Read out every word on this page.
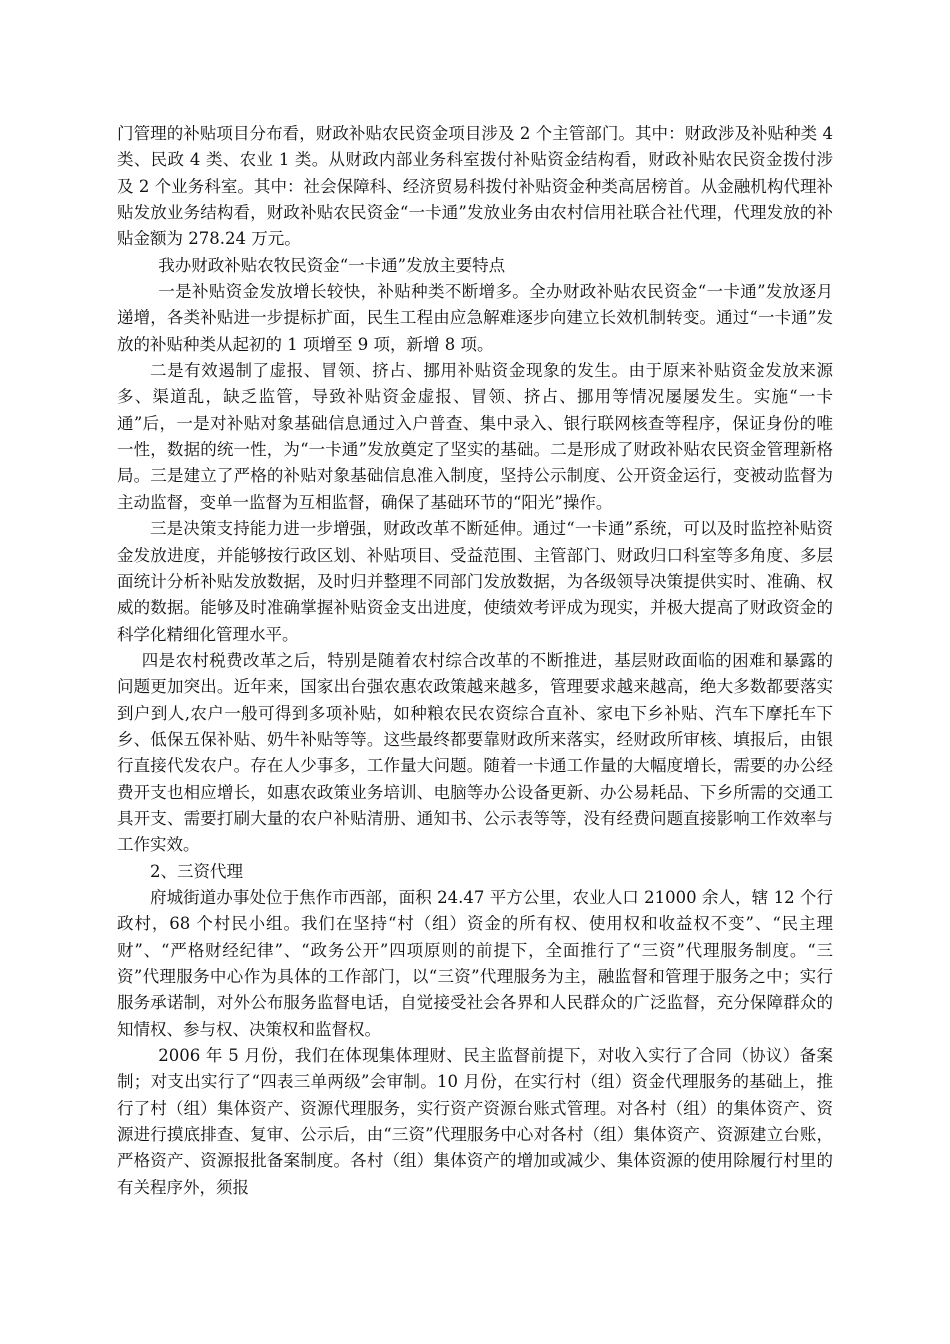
门管理的补贴项目分布看，财政补贴农民资金项目涉及 2 个主管部门。其中：财政涉及补贴种类 4 类、民政 4 类、农业 1 类。从财政内部业务科室拨付补贴资金结构看，财政补贴农民资金拨付涉及 2 个业务科室。其中：社会保障科、经济贸易科拨付补贴资金种类高居榜首。从金融机构代理补贴发放业务结构看，财政补贴农民资金“一卡通”发放业务由农村信用社联合社代理，代理发放的补贴金额为 278.24 万元。

我办财政补贴农牧民资金“一卡通”发放主要特点

一是补贴资金发放增长较快，补贴种类不断增多。全办财政补贴农民资金“一卡通”发放逐月递增，各类补贴进一步提标扩面，民生工程由应急解难逐步向建立长效机制转变。通过“一卡通”发放的补贴种类从起初的 1 项增至 9 项，新增 8 项。

二是有效遏制了虚报、冒领、挤占、挪用补贴资金现象的发生。由于原来补贴资金发放来源多、渠道乱，缺乏监管，导致补贴资金虚报、冒领、挤占、挪用等情况屡屡发生。实施“一卡通”后，一是对补贴对象基础信息通过入户普查、集中录入、银行联网核查等程序，保证身份的唯一性，数据的统一性，为“一卡通”发放奠定了坚实的基础。二是形成了财政补贴农民资金管理新格局。三是建立了严格的补贴对象基础信息准入制度，坚持公示制度、公开资金运行，变被动监督为主动监督，变单一监督为互相监督，确保了基础环节的“阳光”操作。

三是决策支持能力进一步增强，财政改革不断延伸。通过“一卡通”系统，可以及时监控补贴资金发放进度，并能够按行政区划、补贴项目、受益范围、主管部门、财政归口科室等多角度、多层面统计分析补贴发放数据，及时归并整理不同部门发放数据，为各级领导决策提供实时、准确、权威的数据。能够及时准确掌握补贴资金支出进度，使绩效考评成为现实，并极大提高了财政资金的科学化精细化管理水平。

四是农村税费改革之后，特别是随着农村综合改革的不断推进，基层财政面临的困难和暴露的问题更加突出。近年来，国家出台强农惠农政策越来越多，管理要求越来越高，绝大多数都要落实到户到人,农户一般可得到多项补贴，如种粮农民农资综合直补、家电下乡补贴、汽车下摩托车下乡、低保五保补贴、奶牛补贴等等。这些最终都要靠财政所来落实，经财政所审核、填报后，由银行直接代发农户。存在人少事多，工作量大问题。随着一卡通工作量的大幅度增长，需要的办公经费开支也相应增长，如惠农政策业务培训、电脑等办公设备更新、办公易耗品、下乡所需的交通工具开支、需要打刷大量的农户补贴清册、通知书、公示表等等，没有经费问题直接影响工作效率与工作实效。

2、三资代理

府城街道办事处位于焦作市西部，面积 24.47 平方公里，农业人口 21000 余人，辖 12 个行政村，68 个村民小组。我们在坚持“村（组）资金的所有权、使用权和收益权不变”、“民主理财”、“严格财经纪律”、“政务公开”四项原则的前提下，全面推行了“三资”代理服务制度。“三资”代理服务中心作为具体的工作部门，以“三资”代理服务为主，融监督和管理于服务之中；实行服务承诺制，对外公布服务监督电话，自觉接受社会各界和人民群众的广泛监督，充分保障群众的知情权、参与权、决策权和监督权。

2006 年 5 月份，我们在体现集体理财、民主监督前提下，对收入实行了合同（协议）备案制；对支出实行了“四表三单两级”会审制。10 月份，在实行村（组）资金代理服务的基础上，推行了村（组）集体资产、资源代理服务，实行资产资源台账式管理。对各村（组）的集体资产、资源进行摸底排查、复审、公示后，由“三资”代理服务中心对各村（组）集体资产、资源建立台账，严格资产、资源报批备案制度。各村（组）集体资产的增加或减少、集体资源的使用除履行村里的有关程序外，须报
